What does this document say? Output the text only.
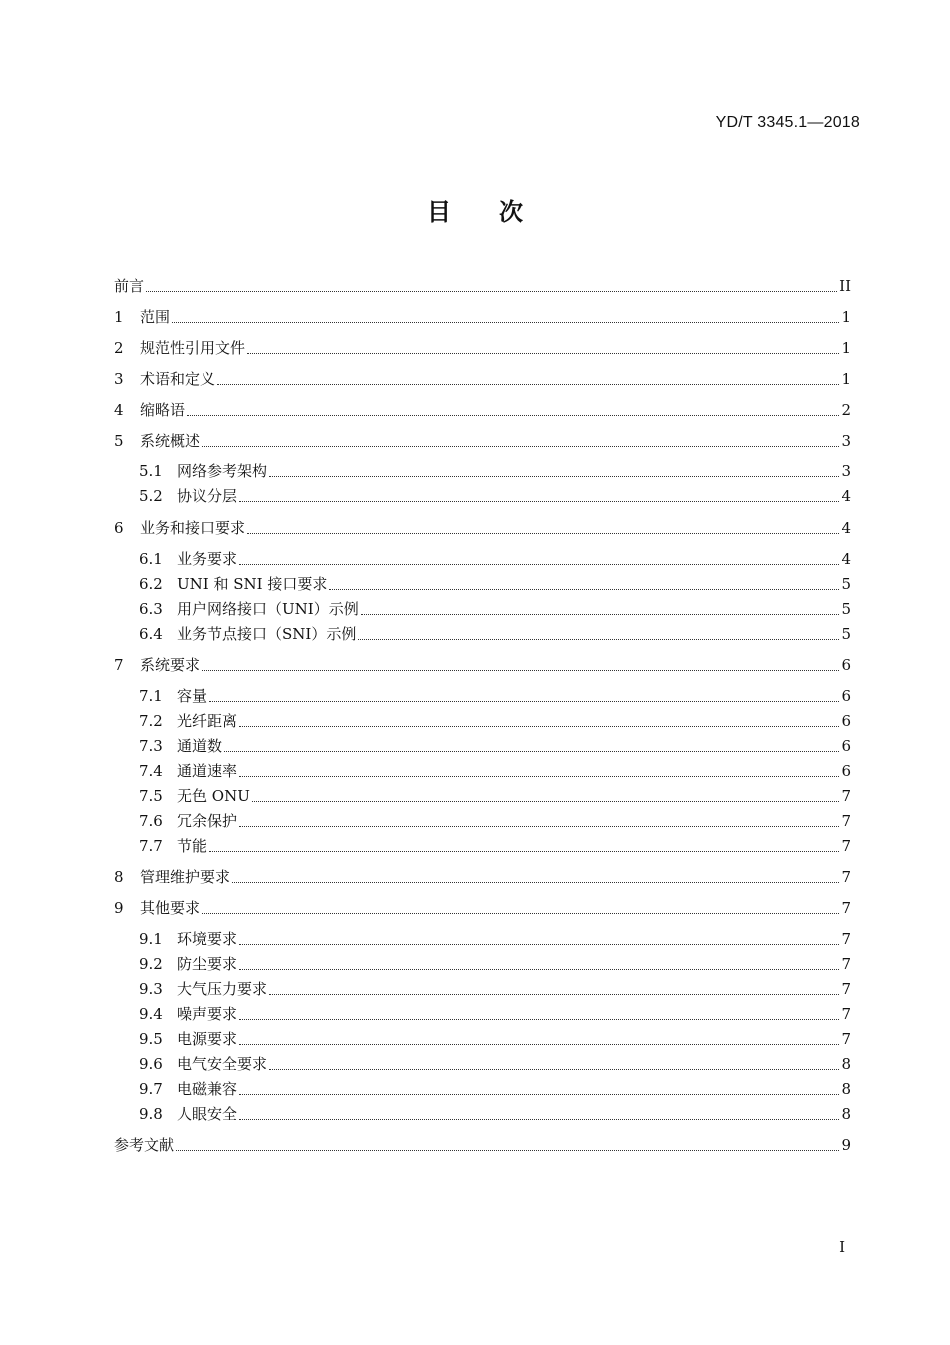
YD/T 3345.1—2018
目 次
前言	II
1	范围	1
2	规范性引用文件	1
3	术语和定义	1
4	缩略语	2
5	系统概述	3
5.1 网络参考架构	3
5.2 协议分层	4
6	业务和接口要求	4
6.1 业务要求	4
6.2 UNI 和 SNI 接口要求	5
6.3 用户网络接口（UNI）示例	5
6.4 业务节点接口（SNI）示例	5
7	系统要求	6
7.1 容量	6
7.2 光纤距离	6
7.3 通道数	6
7.4 通道速率	6
7.5 无色 ONU	7
7.6 冗余保护	7
7.7 节能	7
8	管理维护要求	7
9	其他要求	7
9.1 环境要求	7
9.2 防尘要求	7
9.3 大气压力要求	7
9.4 噪声要求	7
9.5 电源要求	7
9.6 电气安全要求	8
9.7 电磁兼容	8
9.8 人眼安全	8
参考文献	9
I
